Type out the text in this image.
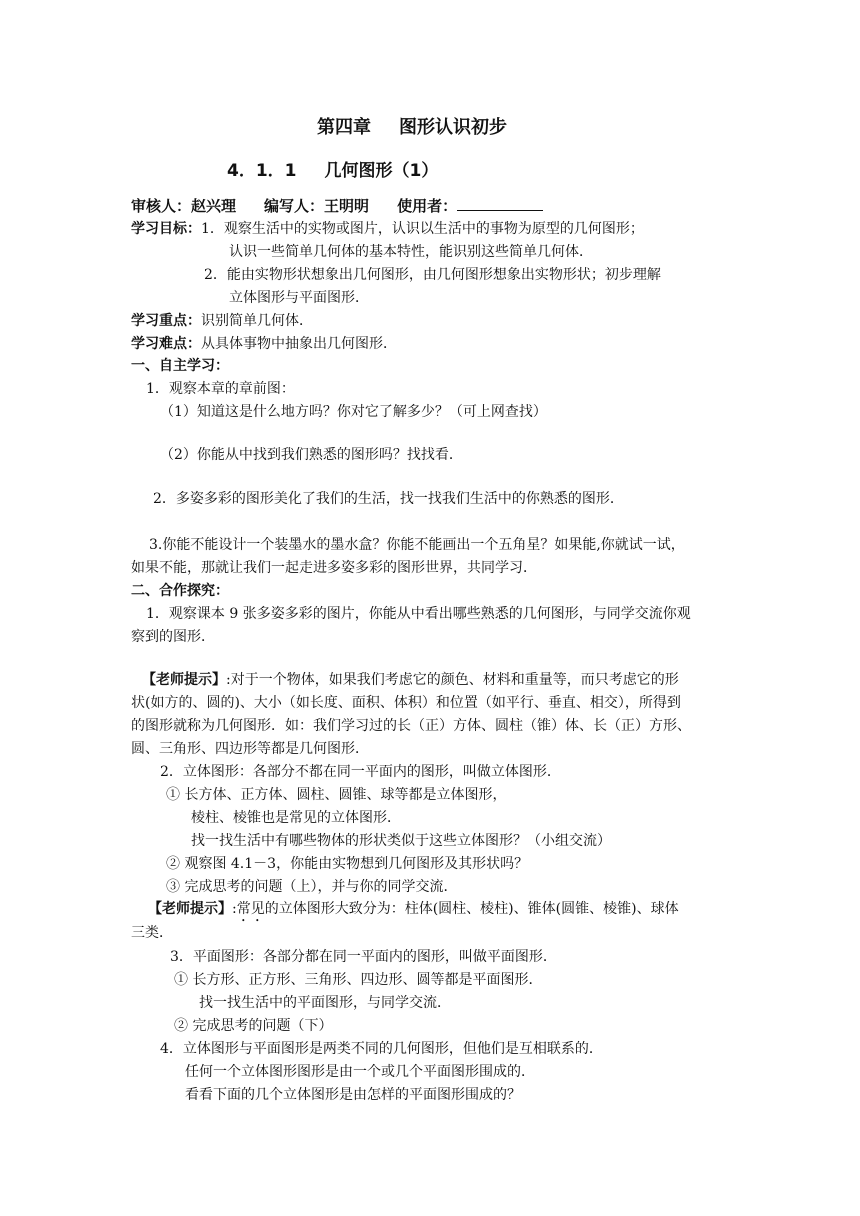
第四章 图形认识初步
4．1．1 几何图形（1）
审核人：赵兴理 编写人：王明明 使用者：
学习目标：1．观察生活中的实物或图片，认识以生活中的事物为原型的几何图形；
认识一些简单几何体的基本特性，能识别这些简单几何体．
2．能由实物形状想象出几何图形，由几何图形想象出实物形状；初步理解
立体图形与平面图形．
学习重点：识别简单几何体．
学习难点：从具体事物中抽象出几何图形．
一、自主学习：
1．观察本章的章前图：
（1）知道这是什么地方吗？你对它了解多少？（可上网查找）
（2）你能从中找到我们熟悉的图形吗？找找看．
2．多姿多彩的图形美化了我们的生活，找一找我们生活中的你熟悉的图形．
3.你能不能设计一个装墨水的墨水盒？你能不能画出一个五角星？如果能,你就试一试，
如果不能，那就让我们一起走进多姿多彩的图形世界，共同学习．
二、合作探究：
1．观察课本 9 张多姿多彩的图片，你能从中看出哪些熟悉的几何图形，与同学交流你观
察到的图形．
【老师提示】:对于一个物体，如果我们考虑它的颜色、材料和重量等，而只考虑它的形
状(如方的、圆的)、大小（如长度、面积、体积）和位置（如平行、垂直、相交），所得到
的图形就称为几何图形．如：我们学习过的长（正）方体、圆柱（锥）体、长（正）方形、
圆、三角形、四边形等都是几何图形．
2．立体图形：各部分不都在同一平面内的图形，叫做立体图形．
① 长方体、正方体、圆柱、圆锥、球等都是立体图形，
棱柱、棱锥也是常见的立体图形．
找一找生活中有哪些物体的形状类似于这些立体图形？（小组交流）
② 观察图 4.1－3，你能由实物想到几何图形及其形状吗？
③ 完成思考的问题（上），并与你的同学交流．
【老师提示】:常见的立体图形大致分为：柱体(圆柱、棱柱)、锥体(圆锥、棱锥)、球体
三类．
3．平面图形：各部分都在同一平面内的图形，叫做平面图形．
① 长方形、正方形、三角形、四边形、圆等都是平面图形．
找一找生活中的平面图形，与同学交流．
② 完成思考的问题（下）
4．立体图形与平面图形是两类不同的几何图形，但他们是互相联系的．
任何一个立体图形图形是由一个或几个平面图形围成的．
看看下面的几个立体图形是由怎样的平面图形围成的？
